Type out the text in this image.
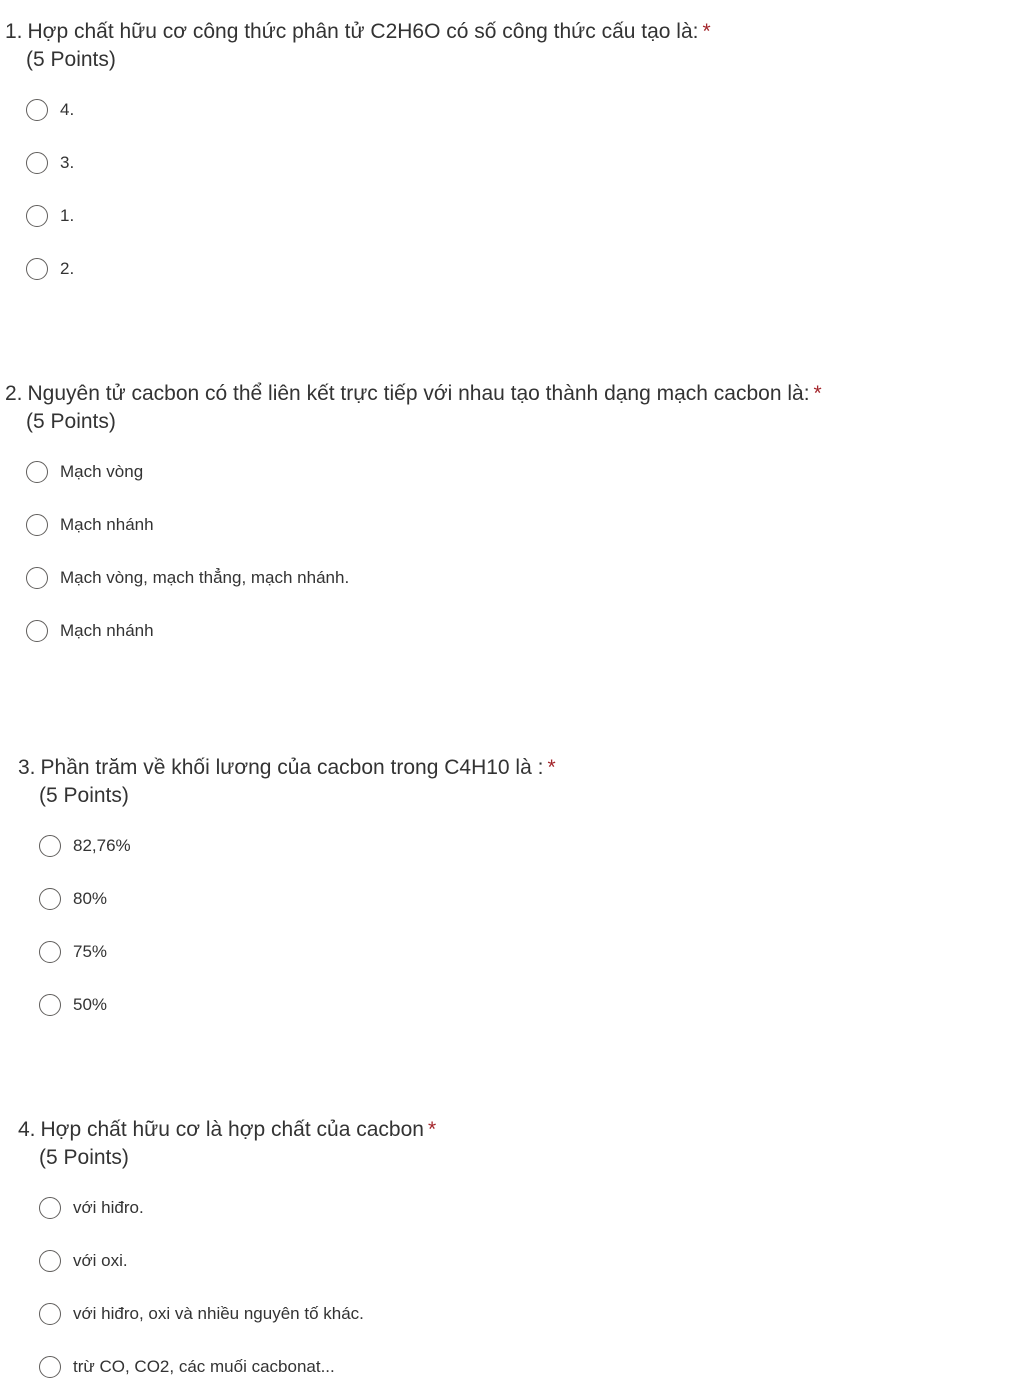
1. Hợp chất hữu cơ công thức phân tử C2H6O có số công thức cấu tạo là: *
(5 Points)
4.
3.
1.
2.
2. Nguyên tử cacbon có thể liên kết trực tiếp với nhau tạo thành dạng mạch cacbon là: *
(5 Points)
Mạch vòng
Mạch nhánh
Mạch vòng, mạch thẳng, mạch nhánh.
Mạch nhánh
3. Phần trăm về khối lương của cacbon trong C4H10 là : *
(5 Points)
82,76%
80%
75%
50%
4. Hợp chất hữu cơ là hợp chất của cacbon *
(5 Points)
với hiđro.
với oxi.
với hiđro, oxi và nhiều nguyên tố khác.
trừ CO, CO2, các muối cacbonat...
